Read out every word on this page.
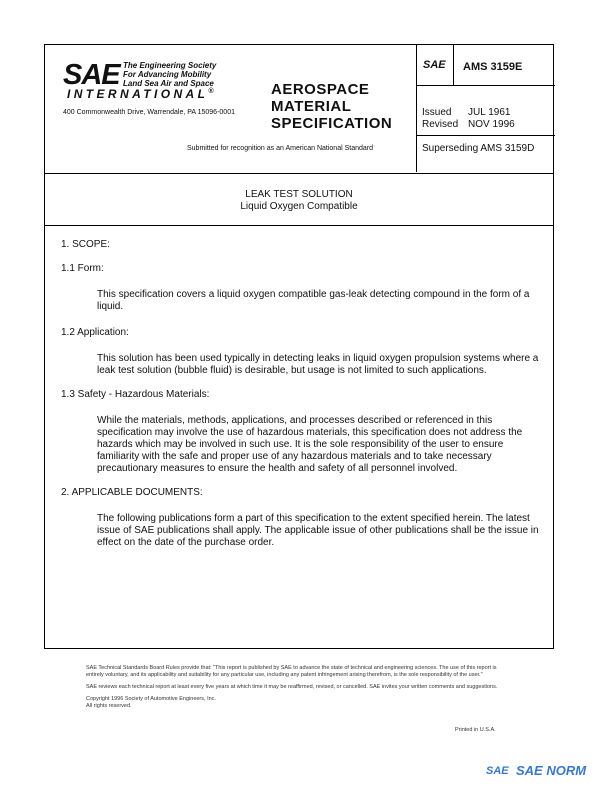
SAE The Engineering Society
For Advancing Mobility
Land Sea Air and Space
INTERNATIONAL®
400 Commonwealth Drive, Warrendale, PA 15096-0001
AEROSPACE
MATERIAL
SPECIFICATION
Submitted for recognition as an American National Standard
SAE AMS 3159E
Issued JUL 1961
Revised NOV 1996
Superseding AMS 3159D
LEAK TEST SOLUTION
Liquid Oxygen Compatible
1. SCOPE:
1.1 Form:
This specification covers a liquid oxygen compatible gas-leak detecting compound in the form of a liquid.
1.2 Application:
This solution has been used typically in detecting leaks in liquid oxygen propulsion systems where a leak test solution (bubble fluid) is desirable, but usage is not limited to such applications.
1.3 Safety - Hazardous Materials:
While the materials, methods, applications, and processes described or referenced in this specification may involve the use of hazardous materials, this specification does not address the hazards which may be involved in such use. It is the sole responsibility of the user to ensure familiarity with the safe and proper use of any hazardous materials and to take necessary precautionary measures to ensure the health and safety of all personnel involved.
2. APPLICABLE DOCUMENTS:
The following publications form a part of this specification to the extent specified herein. The latest issue of SAE publications shall apply. The applicable issue of other publications shall be the issue in effect on the date of the purchase order.

SAE Technical Standards Board Rules provide that: "This report is published by SAE to advance the state of technical and engineering sciences. The use of this report is entirely voluntary, and its applicability and suitability for any particular use, including any patent infringement arising therefrom, is the sole responsibility of the user."

SAE reviews each technical report at least every five years at which time it may be reaffirmed, revised, or cancelled. SAE invites your written comments and suggestions.

Copyright 1996 Society of Automotive Engineers, Inc.

All rights reserved.

Printed in U.S.A.
SAE SAE NORM
